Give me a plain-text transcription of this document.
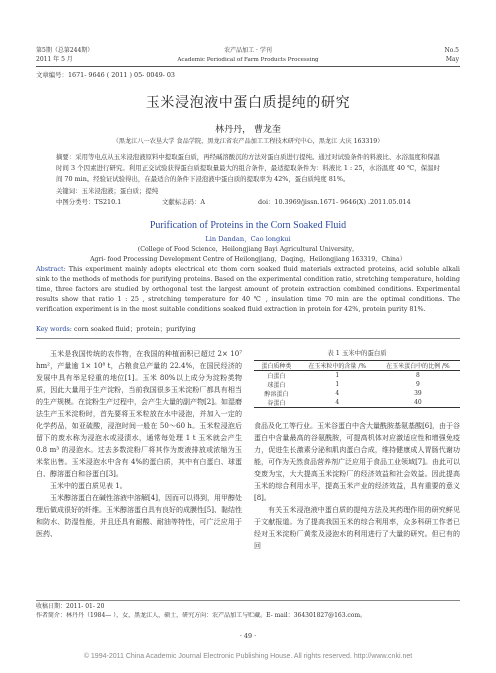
第5期（总第244期）
2011 年 5 月
农产品加工 · 学刊
Academic Periodical of Farm Products Processing
No.5
May
文章编号：1671- 9646 ( 2011 ) 05- 0049- 03
玉米浸泡液中蛋白质提纯的研究
林丹丹， 曹龙奎
（黑龙江八一农垦大学 食品学院，黑龙江省农产品加工工程技术研究中心，黑龙江 大庆 163319）
摘要：采用等电点从玉米浸泡液原料中提取蛋白质，再经碱溶酸沉的方法对蛋白质进行提纯。通过对试验条件的料液比、水浴温度和保温时间 3 个因素进行研究。利用正交试验获得蛋白质提取量最大的组合条件，最适提取条件为：料液比 1 : 25，水浴温度 40 ℃，保温时间 70 min。经验证试验得出，在最适合的条件下浸泡液中蛋白质的提取率为 42%，蛋白质纯度 81%。
关键词：玉米浸泡液；蛋白质；提纯
中图分类号：TS210.1	文献标志码：A	doi：10.3969/jissn.1671- 9646(X) .2011.05.014
Purification of Proteins in the Corn Soaked Fluid
Lin Dandan，Cao longkui
(College of Food Science，Heilongjiang Bayi Agricultural University，
Agri- food Processing Development Centre of Heilongjiang，Daqing，Heilongjiang 163319，China）
Abstract: This experiment mainly adopts electrical etc thom corn soaked fluid materials extracted proteins, acid soluble alkali sink to the methods of methods for purifying proteins. Based on the experimental condition ratio, stretching temperature, holding time, three factors are studied by orthogonal test the largest amount of protein extraction combined conditions. Experimental results show that ratio 1 : 25 , stretching temperature for 40 ℃ , insulation time 70 min are the optimal conditions. The verification experiment is in the most suitable conditions soaked fluid extraction in protein for 42%, protein purity 81%.
Key words: corn soaked fluid；protein；purifying
玉米是我国传统的农作物，在我国的种植面积已超过 2× 10⁷ hm²，产量逾 1× 10⁸ t，占粮食总产量的 22.4%，在国民经济的发展中具有举足轻重的地位[1]。玉米 80%以上成分为淀粉类物质，因此大量用于生产淀粉，当前我国很多玉米淀粉厂都具有相当的生产规模。在淀粉生产过程中，会产生大量的副产物[2]。如湿磨法生产玉米淀粉时，首先要将玉米粒放在水中浸泡，并加入一定的化学药品，如亚硫酸，浸泡时间一般在 50～60 h。玉米粒浸泡后留下的废水称为浸泡水或浸渍水，通常每处理 1 t 玉米就会产生 0.8 m³ 的浸泡水。过去多数淀粉厂将其作为废液排放或浓缩为玉米浆出售。玉米浸泡水中含有 4%的蛋白质，其中有白蛋白、球蛋白、醇溶蛋白和谷蛋白[3]。
玉米中的蛋白质见表 1。
玉米醇溶蛋白在碱性溶液中溶解[4]，因而可以得到，用甲醇处理后做成很好的纤维。玉米醇溶蛋白具有良好的成膜性[5]、黏结性和防水、防湿性能，并且还具有耐酸、耐油等特性，可广泛应用于医药、
表 1 玉米中的蛋白质
蛋白质种类	在玉米粒中的含量 /%	在玉米蛋白中的比例 /%
白蛋白	1	8
球蛋白	1	9
醇溶蛋白	4	39
谷蛋白	4	40
食品及化工等行业。玉米谷蛋白中含大量酰胺基氨基酸[6]，由于谷蛋白中含量最高的谷氨酰胺，可提高机体对应激适应性和增强免疫力，促进生长激素分泌和肌肉蛋白合成，维持健康成人胃肠代谢功能，可作为天然食品营养剂广泛应用于食品工业领域[7]。由此可以变废为宝，大大提高玉米淀粉厂的经济效益和社会效益。因此提高玉米的综合利用水平，提高玉米产业的经济效益，具有重要的意义[8]。
有关玉米浸泡液中蛋白质的提纯方法及其药理作用的研究鲜见于文献报道。为了提高我国玉米的综合利用率，众多科研工作者已经对玉米淀粉厂黄浆及浸泡水的利用进行了大量的研究。但已有的回
收稿日期：2011- 01- 20
作者简介：林丹丹（1984— ），女，黑龙江人，硕士，研究方向：农产品加工与贮藏。E- mail：364301827@163.com。
· 49 ·
© 1994-2011 China Academic Journal Electronic Publishing House. All rights reserved. http://www.cnki.net
